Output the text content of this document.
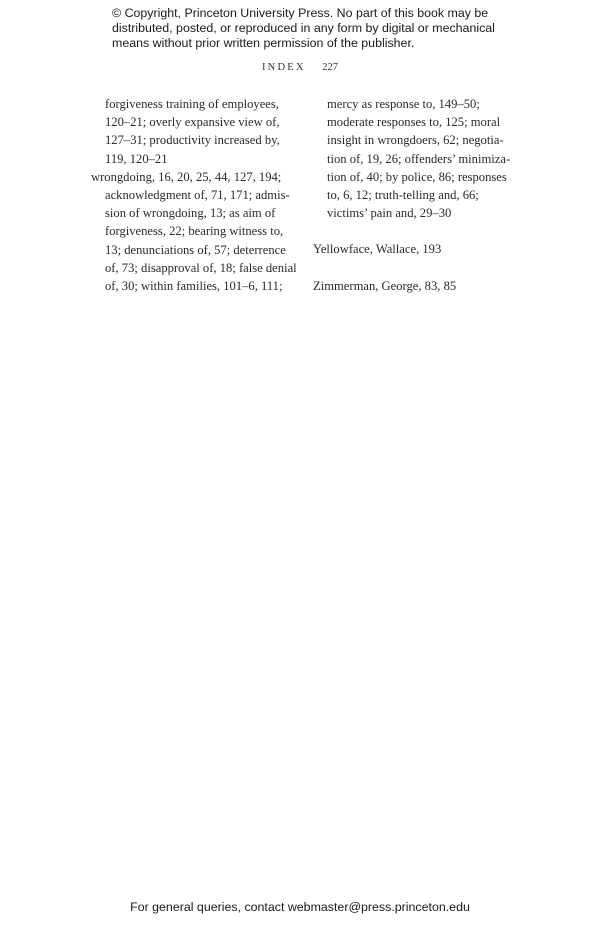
© Copyright, Princeton University Press. No part of this book may be
distributed, posted, or reproduced in any form by digital or mechanical
means without prior written permission of the publisher.
INDEX 227
forgiveness training of employees,
120–21; overly expansive view of,
127–31; productivity increased by,
119, 120–21
wrongdoing, 16, 20, 25, 44, 127, 194;
acknowledgment of, 71, 171; admis-
sion of wrongdoing, 13; as aim of
forgiveness, 22; bearing witness to,
13; denunciations of, 57; deterrence
of, 73; disapproval of, 18; false denial
of, 30; within families, 101–6, 111;
mercy as response to, 149–50;
moderate responses to, 125; moral
insight in wrongdoers, 62; negotia-
tion of, 19, 26; offenders’ minimiza-
tion of, 40; by police, 86; responses
to, 6, 12; truth-telling and, 66;
victims’ pain and, 29–30
Yellowface, Wallace, 193
Zimmerman, George, 83, 85
For general queries, contact webmaster@press.princeton.edu
